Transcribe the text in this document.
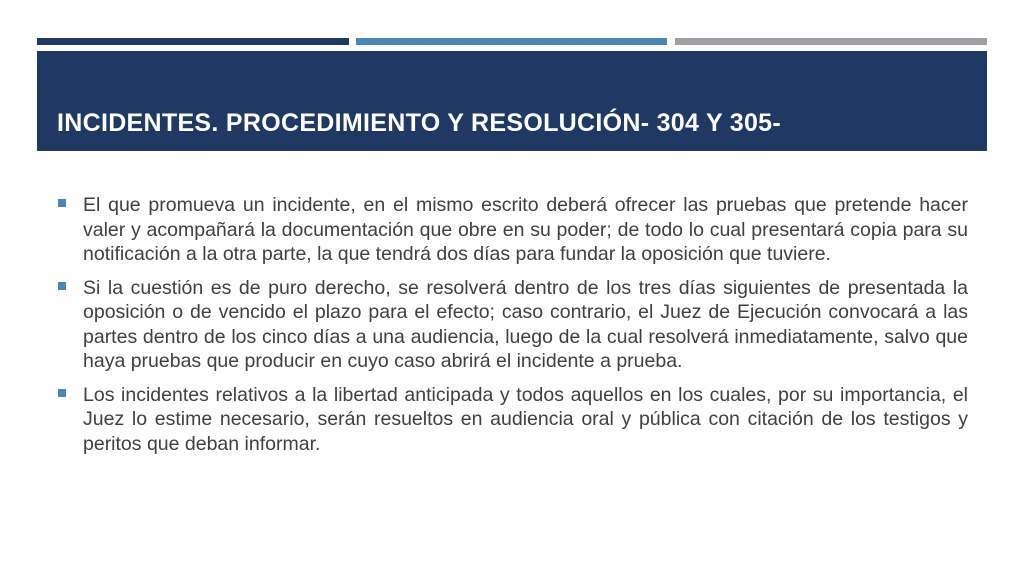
INCIDENTES. PROCEDIMIENTO Y RESOLUCIÓN- 304 Y 305-

El que promueva un incidente, en el mismo escrito deberá ofrecer las pruebas que pretende hacer valer y acompañará la documentación que obre en su poder; de todo lo cual presentará copia para su notificación a la otra parte, la que tendrá dos días para fundar la oposición que tuviere.

Si la cuestión es de puro derecho, se resolverá dentro de los tres días siguientes de presentada la oposición o de vencido el plazo para el efecto; caso contrario, el Juez de Ejecución convocará a las partes dentro de los cinco días a una audiencia, luego de la cual resolverá inmediatamente, salvo que haya pruebas que producir en cuyo caso abrirá el incidente a prueba.

Los incidentes relativos a la libertad anticipada y todos aquellos en los cuales, por su importancia, el Juez lo estime necesario, serán resueltos en audiencia oral y pública con citación de los testigos y peritos que deban informar.
